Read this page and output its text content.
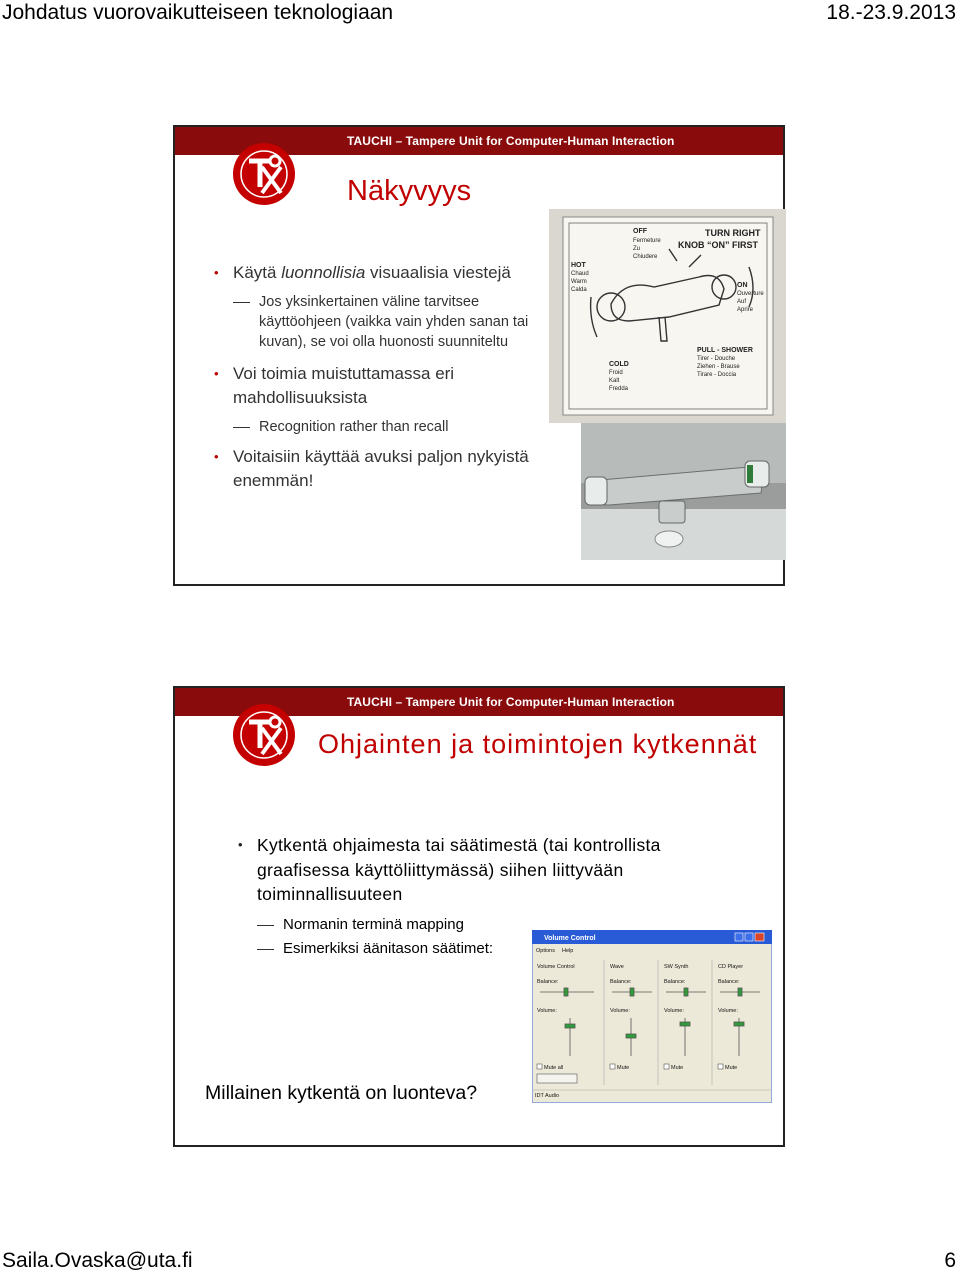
Johdatus vuorovaikutteiseen teknologiaan	18.-23.9.2013
TAUCHI – Tampere Unit for Computer-Human Interaction
Näkyvyys
• Käytä luonnollisia visuaalisia viestejä
Jos yksinkertainen väline tarvitsee käyttöohjeen (vaikka vain yhden sanan tai kuvan), se voi olla huonosti suunniteltu
• Voi toimia muistuttamassa eri mahdollisuuksista
Recognition rather than recall
• Voitaisiin käyttää avuksi paljon nykyistä enemmän!
OFF
Fermeture
Zu
Chiudere
TURN RIGHT
KNOB “ON” FIRST
HOT
Chaud
Warm
Calda
ON
Ouverture
Auf
Aprire
COLD
Froid
Kalt
Fredda
PULL - SHOWER
Tirer - Douche
Ziehen - Brause
Tirare - Doccia
TAUCHI – Tampere Unit for Computer-Human Interaction
Ohjainten ja toimintojen kytkennät
• Kytkentä ohjaimesta tai säätimestä (tai kontrollista graafisessa käyttöliittymässä) siihen liittyvään toiminnallisuuteen
Normanin terminä mapping
Esimerkiksi äänitason säätimet:
Millainen kytkentä on luonteva?
Volume Control
Options Help
Volume Control	Wave	SW Synth	CD Player
Balance:	Balance:	Balance:	Balance:
Volume:	Volume:	Volume:	Volume:
Mute all	Mute	Mute	Mute
IDT Audio
Saila.Ovaska@uta.fi	6
